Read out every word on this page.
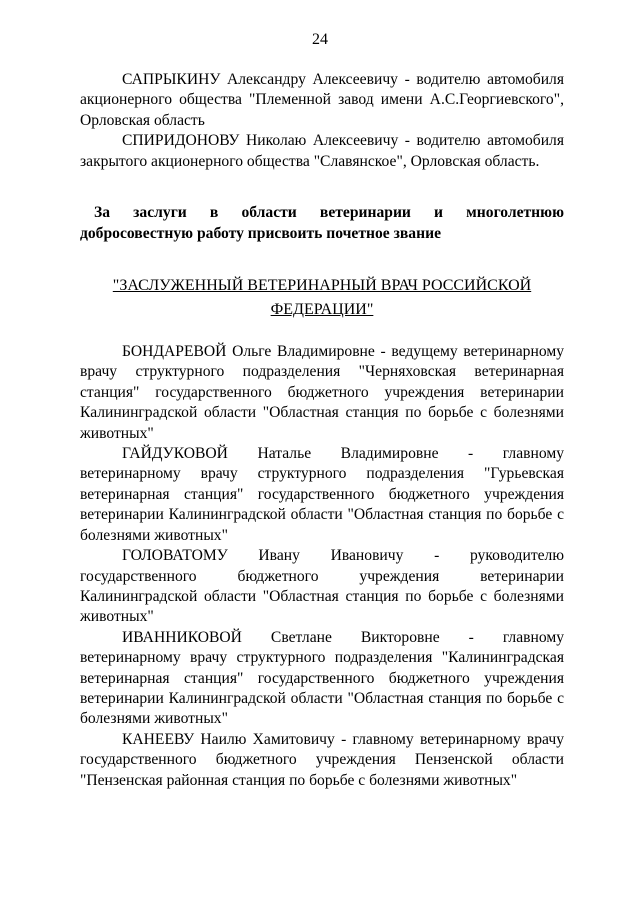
24

САПРЫКИНУ Александру Алексеевичу - водителю автомобиля акционерного общества "Племенной завод имени А.С.Георгиевского", Орловская область

СПИРИДОНОВУ Николаю Алексеевичу - водителю автомобиля закрытого акционерного общества "Славянское", Орловская область.

За заслуги в области ветеринарии и многолетнюю добросовестную работу присвоить почетное звание

"ЗАСЛУЖЕННЫЙ ВЕТЕРИНАРНЫЙ ВРАЧ РОССИЙСКОЙ
ФЕДЕРАЦИИ"

БОНДАРЕВОЙ Ольге Владимировне - ведущему ветеринарному врачу структурного подразделения "Черняховская ветеринарная станция" государственного бюджетного учреждения ветеринарии Калининградской области "Областная станция по борьбе с болезнями животных"

ГАЙДУКОВОЙ Наталье Владимировне - главному ветеринарному врачу структурного подразделения "Гурьевская ветеринарная станция" государственного бюджетного учреждения ветеринарии Калининградской области "Областная станция по борьбе с болезнями животных"

ГОЛОВАТОМУ Ивану Ивановичу - руководителю государственного бюджетного учреждения ветеринарии Калининградской области "Областная станция по борьбе с болезнями животных"

ИВАННИКОВОЙ Светлане Викторовне - главному ветеринарному врачу структурного подразделения "Калининградская ветеринарная станция" государственного бюджетного учреждения ветеринарии Калининградской области "Областная станция по борьбе с болезнями животных"

КАНЕЕВУ Наилю Хамитовичу - главному ветеринарному врачу государственного бюджетного учреждения Пензенской области "Пензенская районная станция по борьбе с болезнями животных"
